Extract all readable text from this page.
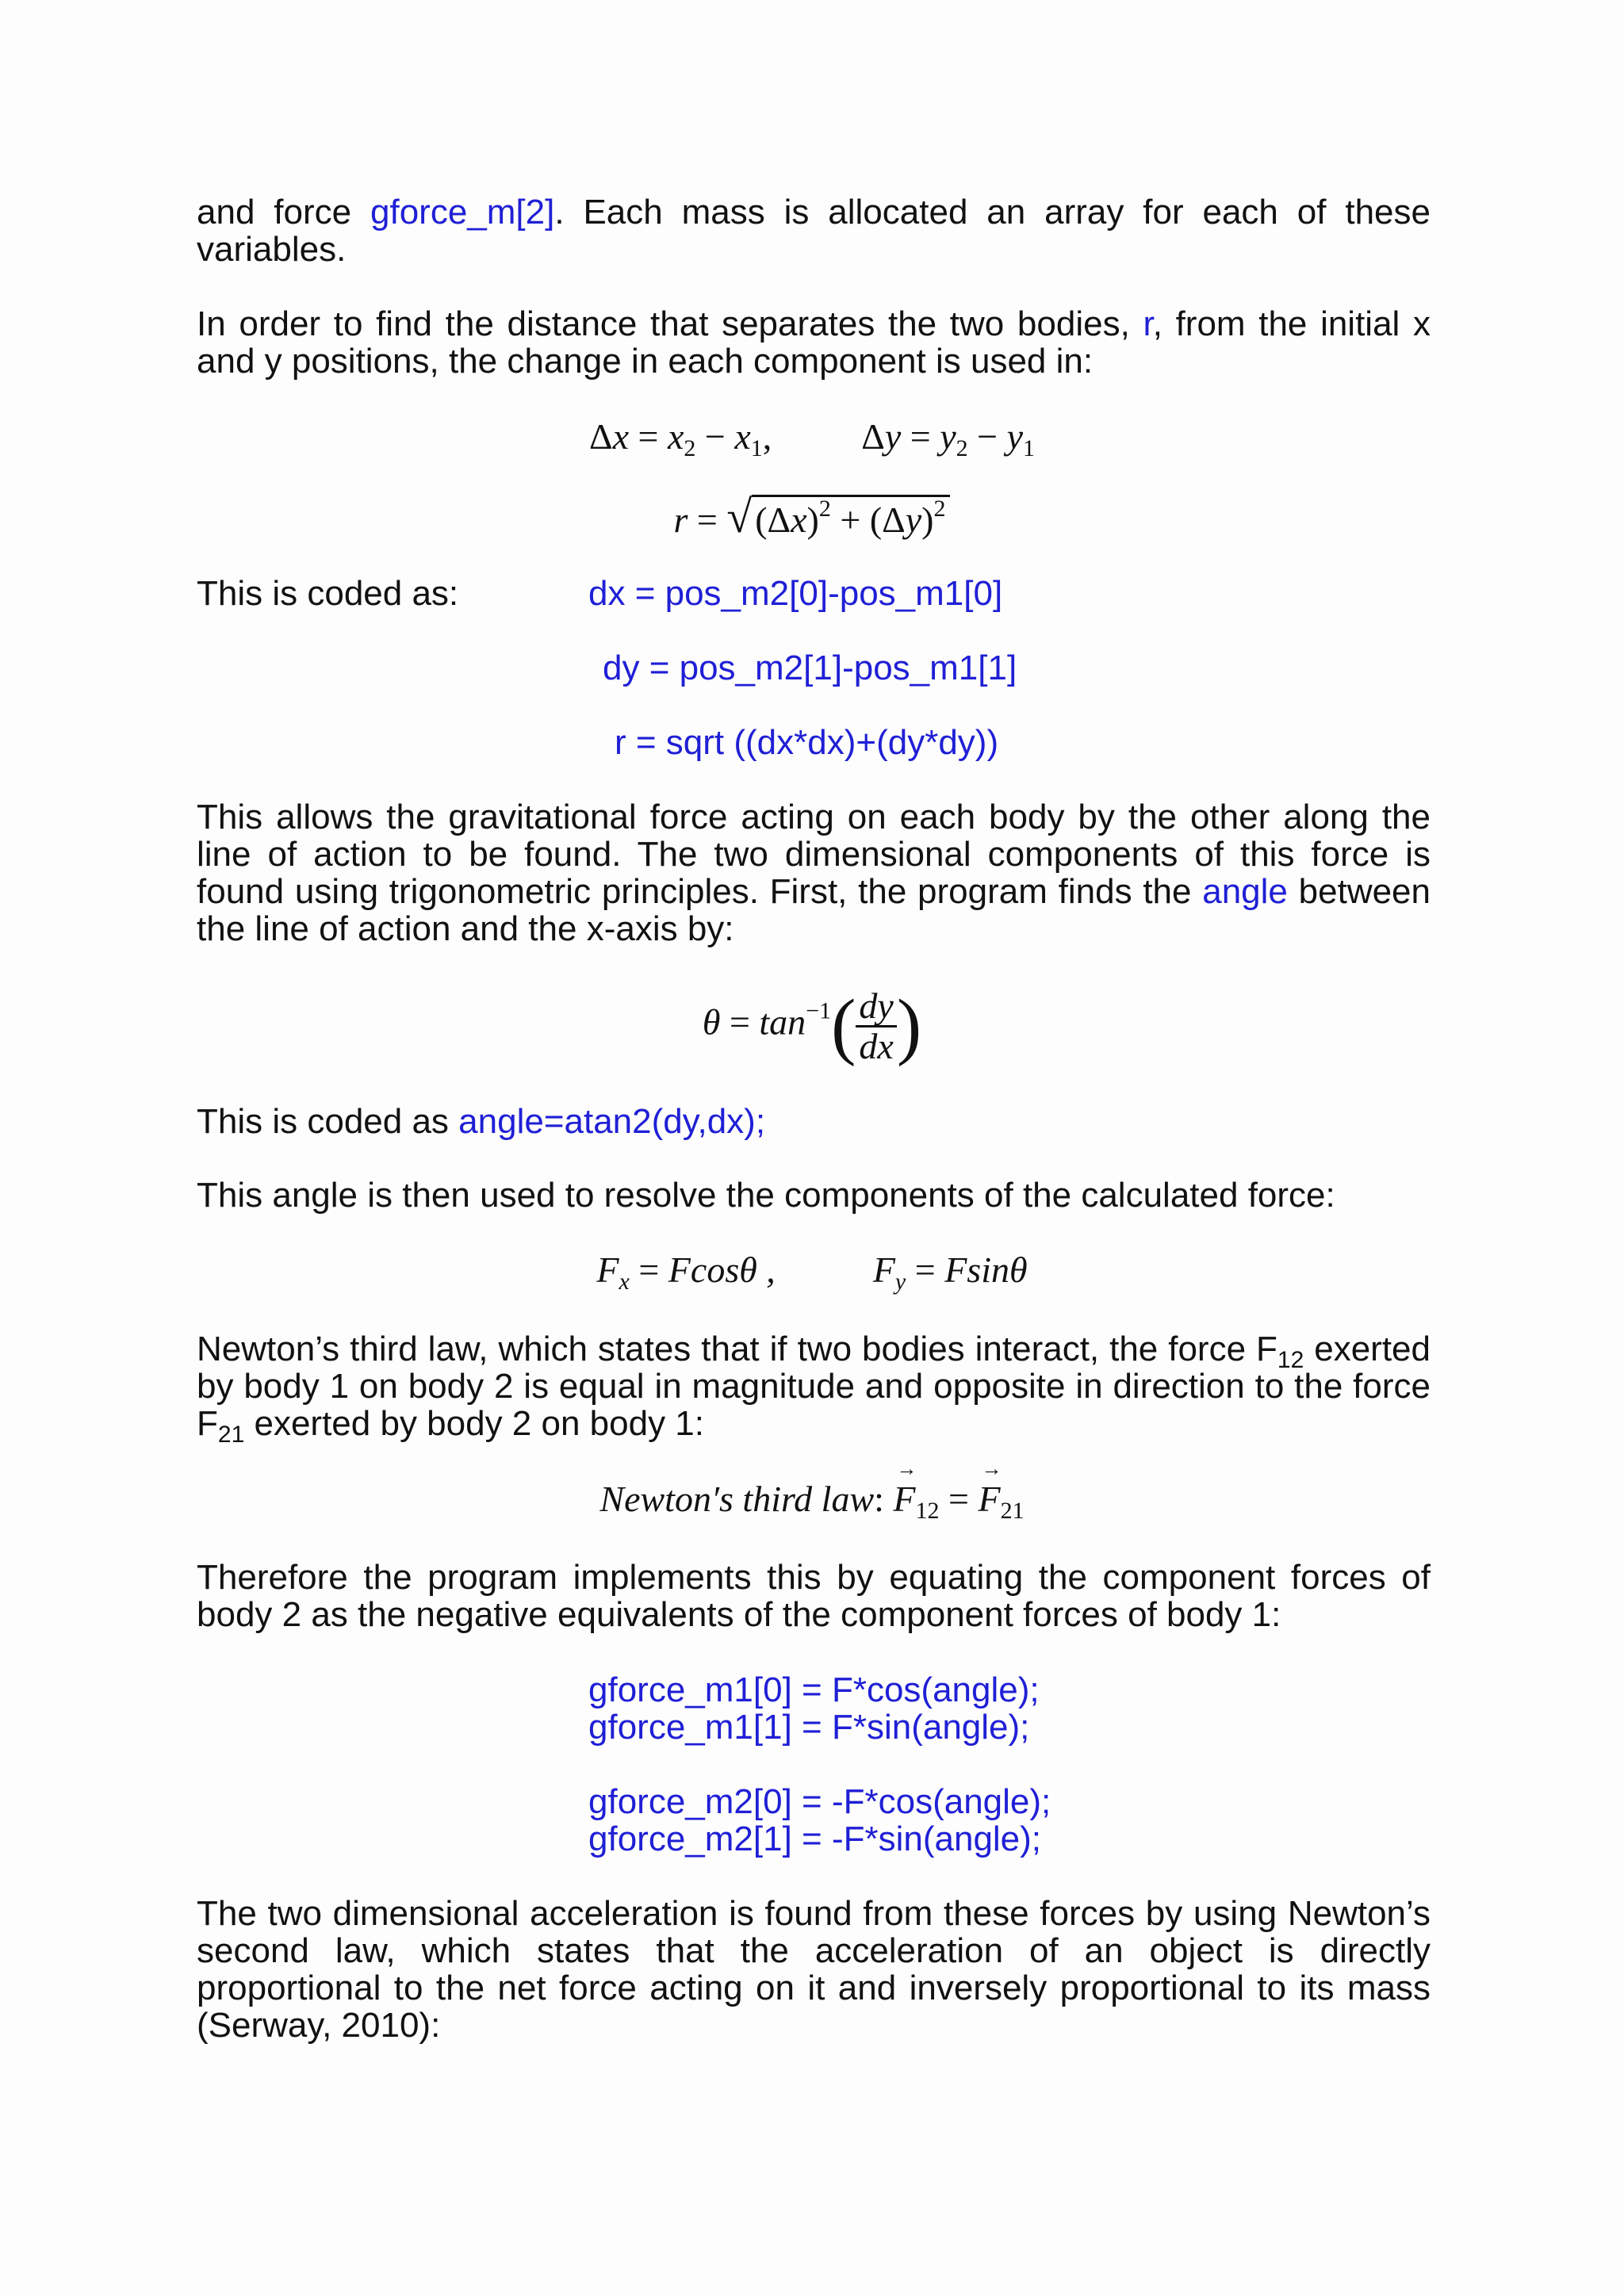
and force gforce_m[2]. Each mass is allocated an array for each of these variables.

In order to find the distance that separates the two bodies, r, from the initial x and y positions, the change in each component is used in:

$\Delta x = x_2 - x_1$, $\Delta y = y_2 - y_1$
$r = √(\Delta x)^2 + (\Delta y)^2$
This is coded as:	dx = pos_m2[0]-pos_m1[0]
dy = pos_m2[1]-pos_m1[1]
r = sqrt ((dx*dx)+(dy*dy))

This allows the gravitational force acting on each body by the other along the line of action to be found. The two dimensional components of this force is found using trigonometric principles. First, the program finds the angle between the line of action and the x-axis by:

$\theta = \tan^{-1}( \frac{dy}{dx}$ )

This is coded as angle=atan2(dy,dx);

This angle is then used to resolve the components of the calculated force:

$F_x = Fcos\theta$ ,	$F_y = Fsin\theta$

Newton’s third law, which states that if two bodies interact, the force $F_{12}$ exerted by body 1 on body 2 is equal in magnitude and opposite in direction to the force $F_{21}$ exerted by body 2 on body 1:

Newton′s third law: → $F_{12}$ = → $F_{21}$

Therefore the program implements this by equating the component forces of body 2 as the negative equivalents of the component forces of body 1:

gforce_m1[0] = F*cos(angle);
gforce_m1[1] = F*sin(angle);
gforce_m2[0] = -F*cos(angle);
gforce_m2[1] = -F*sin(angle);

The two dimensional acceleration is found from these forces by using Newton’s second law, which states that the acceleration of an object is directly proportional to the net force acting on it and inversely proportional to its mass (Serway, 2010):
